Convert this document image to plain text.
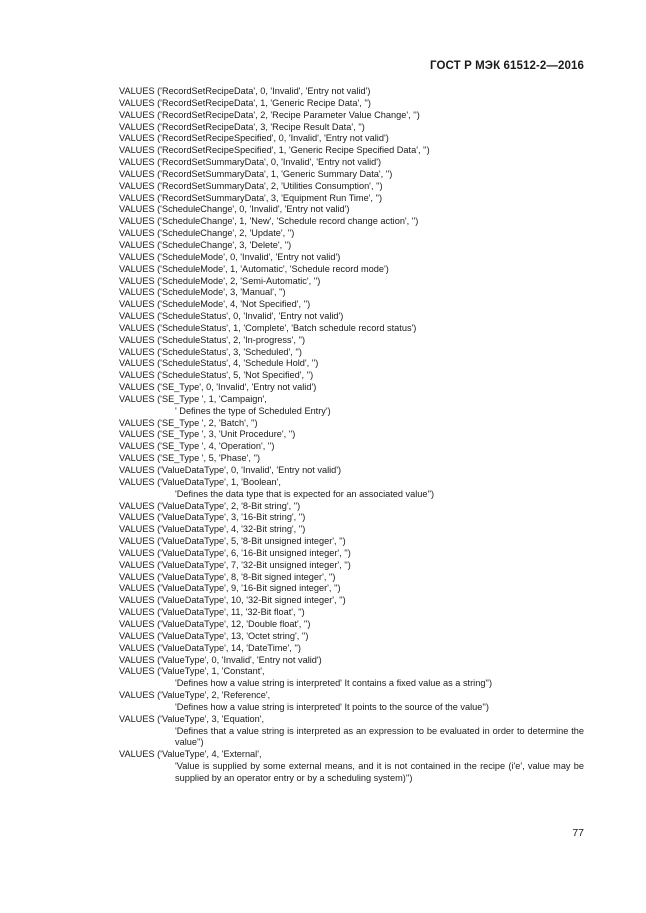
ГОСТ Р МЭК 61512-2—2016
VALUES ('RecordSetRecipeData', 0, 'Invalid', 'Entry not valid')
VALUES ('RecordSetRecipeData', 1, 'Generic Recipe Data', '')
VALUES ('RecordSetRecipeData', 2, 'Recipe Parameter Value Change', '')
VALUES ('RecordSetRecipeData', 3, 'Recipe Result Data', '')
VALUES ('RecordSetRecipeSpecified', 0, 'Invalid', 'Entry not valid')
VALUES ('RecordSetRecipeSpecified', 1, 'Generic Recipe Specified Data', '')
VALUES ('RecordSetSummaryData', 0, 'Invalid', 'Entry not valid')
VALUES ('RecordSetSummaryData', 1, 'Generic Summary Data', '')
VALUES ('RecordSetSummaryData', 2, 'Utilities Consumption', '')
VALUES ('RecordSetSummaryData', 3, 'Equipment Run Time', '')
VALUES ('ScheduleChange', 0, 'Invalid', 'Entry not valid')
VALUES ('ScheduleChange', 1, 'New', 'Schedule record change action', '')
VALUES ('ScheduleChange', 2, 'Update', '')
VALUES ('ScheduleChange', 3, 'Delete', '')
VALUES ('ScheduleMode', 0, 'Invalid', 'Entry not valid')
VALUES ('ScheduleMode', 1, 'Automatic', 'Schedule record mode')
VALUES ('ScheduleMode', 2, 'Semi-Automatic', '')
VALUES ('ScheduleMode', 3, 'Manual', '')
VALUES ('ScheduleMode', 4, 'Not Specified', '')
VALUES ('ScheduleStatus', 0, 'Invalid', 'Entry not valid')
VALUES ('ScheduleStatus', 1, 'Complete', 'Batch schedule record status')
VALUES ('ScheduleStatus', 2, 'In-progress', '')
VALUES ('ScheduleStatus', 3, 'Scheduled', '')
VALUES ('ScheduleStatus', 4, 'Schedule Hold', '')
VALUES ('ScheduleStatus', 5, 'Not Specified', '')
VALUES ('SE_Type', 0, 'Invalid', 'Entry not valid')
VALUES ('SE_Type ', 1, 'Campaign',
' Defines the type of Scheduled Entry')
VALUES ('SE_Type ', 2, 'Batch', '')
VALUES ('SE_Type ', 3, 'Unit Procedure', '')
VALUES ('SE_Type ', 4, 'Operation', '')
VALUES ('SE_Type ', 5, 'Phase', '')
VALUES ('ValueDataType', 0, 'Invalid', 'Entry not valid')
VALUES ('ValueDataType', 1, 'Boolean',
'Defines the data type that is expected for an associated value'')
VALUES ('ValueDataType', 2, '8-Bit string', '')
VALUES ('ValueDataType', 3, '16-Bit string', '')
VALUES ('ValueDataType', 4, '32-Bit string', '')
VALUES ('ValueDataType', 5, '8-Bit unsigned integer', '')
VALUES ('ValueDataType', 6, '16-Bit unsigned integer', '')
VALUES ('ValueDataType', 7, '32-Bit unsigned integer', '')
VALUES ('ValueDataType', 8, '8-Bit signed integer', '')
VALUES ('ValueDataType', 9, '16-Bit signed integer', '')
VALUES ('ValueDataType', 10, '32-Bit signed integer', '')
VALUES ('ValueDataType', 11, '32-Bit float', '')
VALUES ('ValueDataType', 12, 'Double float', '')
VALUES ('ValueDataType', 13, 'Octet string', '')
VALUES ('ValueDataType', 14, 'DateTime', '')
VALUES ('ValueType', 0, 'Invalid', 'Entry not valid')
VALUES ('ValueType', 1, 'Constant',
'Defines how a value string is interpreted' It contains a fixed value as a string'')
VALUES ('ValueType', 2, 'Reference',
'Defines how a value string is interpreted' It points to the source of the value'')
VALUES ('ValueType', 3, 'Equation',
'Defines that a value string is interpreted as an expression to be evaluated in order to determine the value'')
VALUES ('ValueType', 4, 'External',
'Value is supplied by some external means, and it is not contained in the recipe (i'e', value may be supplied by an operator entry or by a scheduling system)'')
77
